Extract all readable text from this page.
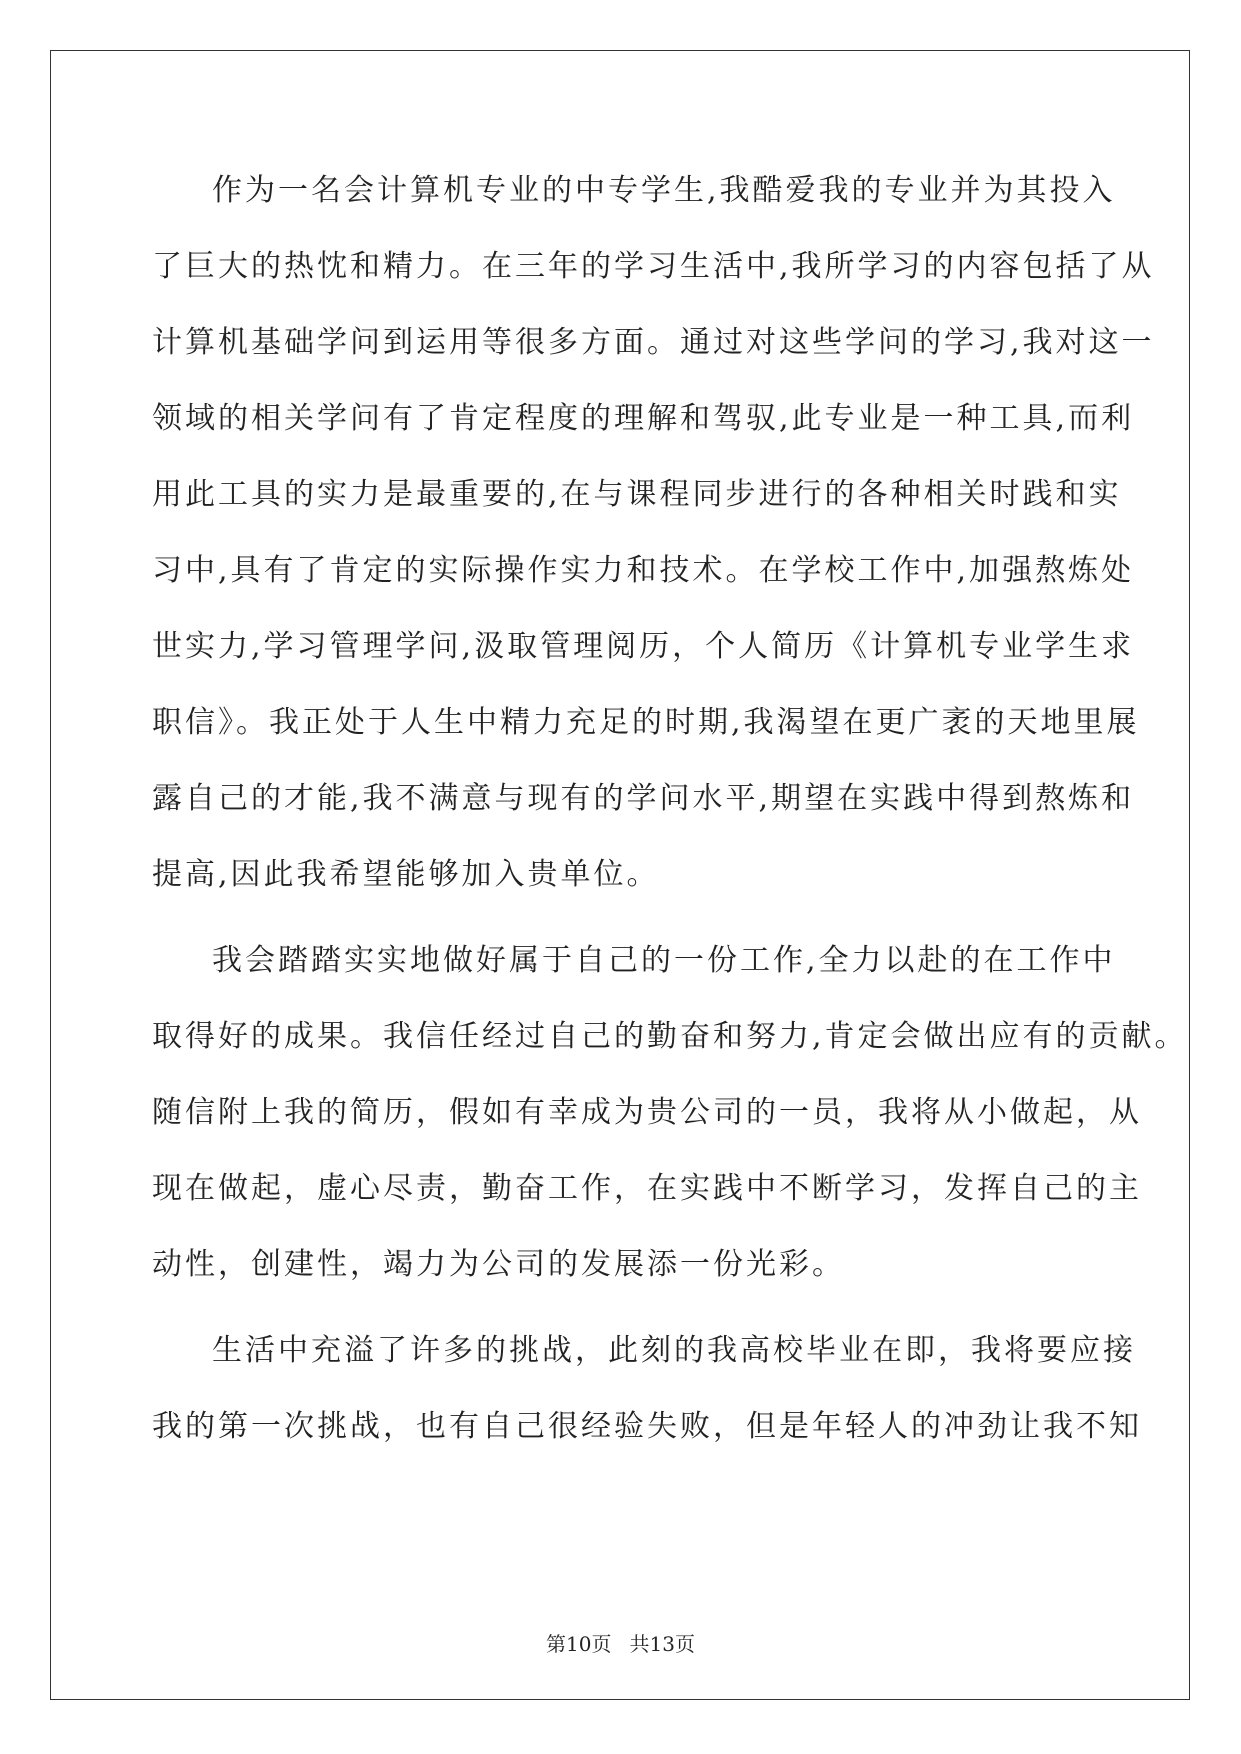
作为一名会计算机专业的中专学生,我酷爱我的专业并为其投入
了巨大的热忱和精力。在三年的学习生活中,我所学习的内容包括了从
计算机基础学问到运用等很多方面。通过对这些学问的学习,我对这一
领域的相关学问有了肯定程度的理解和驾驭,此专业是一种工具,而利
用此工具的实力是最重要的,在与课程同步进行的各种相关时践和实
习中,具有了肯定的实际操作实力和技术。在学校工作中,加强熬炼处
世实力,学习管理学问,汲取管理阅历，个人简历《计算机专业学生求
职信》。我正处于人生中精力充足的时期,我渴望在更广袤的天地里展
露自己的才能,我不满意与现有的学问水平,期望在实践中得到熬炼和
提高,因此我希望能够加入贵单位。
我会踏踏实实地做好属于自己的一份工作,全力以赴的在工作中
取得好的成果。我信任经过自己的勤奋和努力,肯定会做出应有的贡献。
随信附上我的简历，假如有幸成为贵公司的一员，我将从小做起，从
现在做起，虚心尽责，勤奋工作，在实践中不断学习，发挥自己的主
动性，创建性，竭力为公司的发展添一份光彩。
生活中充溢了许多的挑战，此刻的我高校毕业在即，我将要应接
我的第一次挑战，也有自己很经验失败，但是年轻人的冲劲让我不知
第10页 共13页
